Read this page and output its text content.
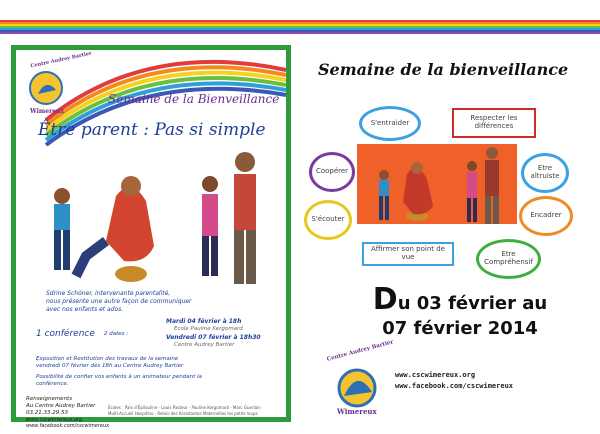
Centre Audrey Bartier
Wimereux
Semaine de la Bienveillance
Être parent : Pas si simple
Sdrine Schöner, intervenante parentalité,
nous présente une autre façon de communiquer
avec nos enfants et ados.
1 conférence 2 dates :
Mardi 04 février à 18h
Ecole Pauline Kergomard
Vendredi 07 février à 18h30
Centre Audrey Bartier
Exposition et Restitution des travaux de la semaine
vendredi 07 février dès 18h au Centre Audrey Bartier
Possibilité de confier vos enfants à un animateur pendant la
conférence.
Renseignements
Au Centre Audrey Bartier
03.21.33.29.53
www.cscwimereux.org
Écoles : Paix d'Épilouline · Louis Pasteur · Pauline Kergomard · Marc Guerlain
Multi-Accueil Hospitino · Relais des Assistantes Maternelles les petits loups
www.facebook.com/cscwimereux
Semaine de la bienveillance
S'entraider
Respecter les différences
Coopérer	Etre altruiste
S'écouter	Encadrer
Affirmer son point de vue	Etre Compréhensif
Du 03 février au
07 février 2014
Centre Audrey Bartier
Wimereux
www.cscwimereux.org
www.facebook.com/cscwimereux
